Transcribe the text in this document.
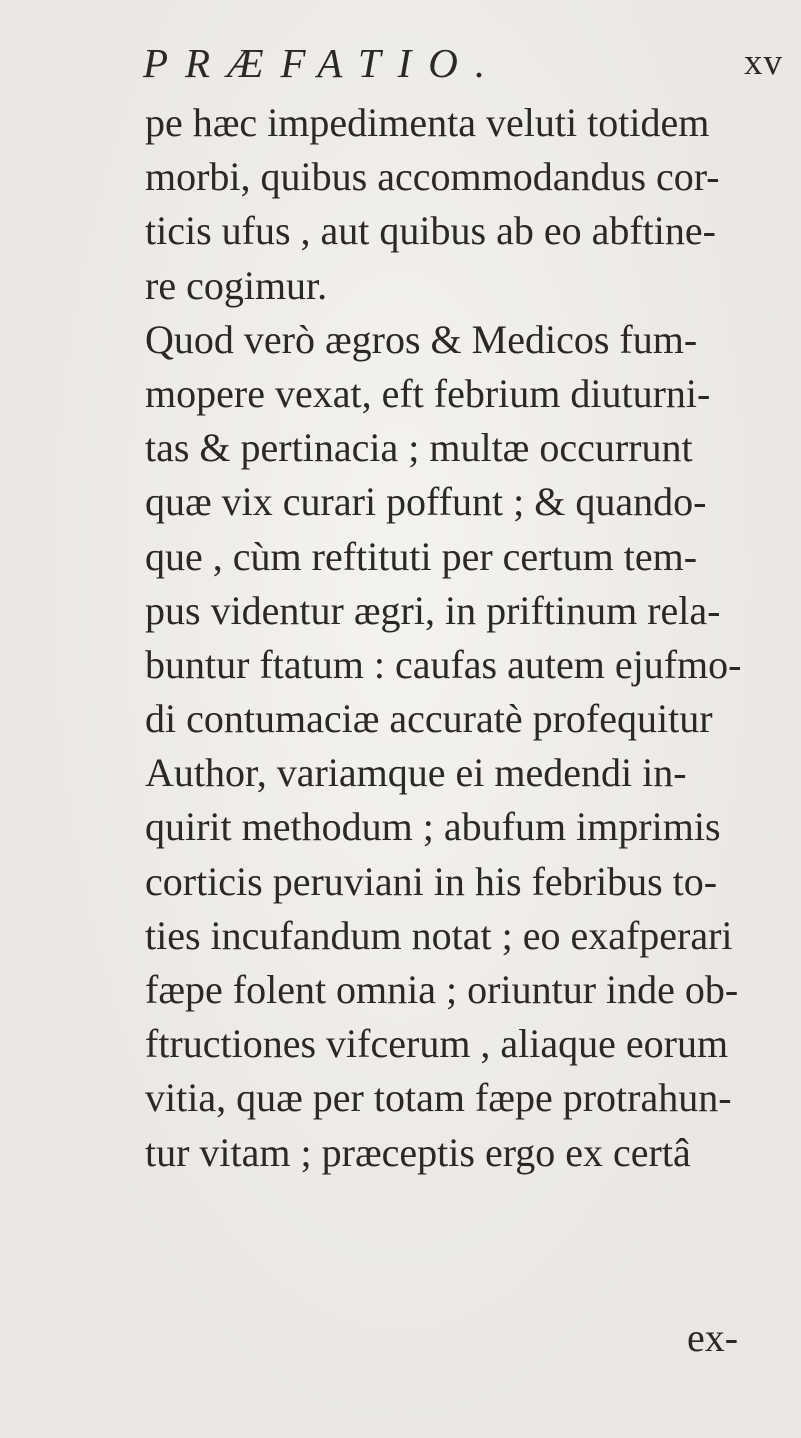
PRÆFATIO.	xv
pe hæc impedimenta veluti totidem
morbi, quibus accommodandus cor-
ticis ufus , aut quibus ab eo abftine-
re cogimur.
Quod verò ægros & Medicos fum-
mopere vexat, eft febrium diuturni-
tas & pertinacia ; multæ occurrunt
quæ vix curari poffunt ; & quando-
que , cùm reftituti per certum tem-
pus videntur ægri, in priftinum rela-
buntur ftatum : caufas autem ejufmo-
di contumaciæ accuratè profequitur
Author, variamque ei medendi in-
quirit methodum ; abufum imprimis
corticis peruviani in his febribus to-
ties incufandum notat ; eo exafperari
fæpe folent omnia ; oriuntur inde ob-
ftructiones vifcerum , aliaque eorum
vitia, quæ per totam fæpe protrahun-
tur vitam ; præceptis ergo ex certâ
ex-
